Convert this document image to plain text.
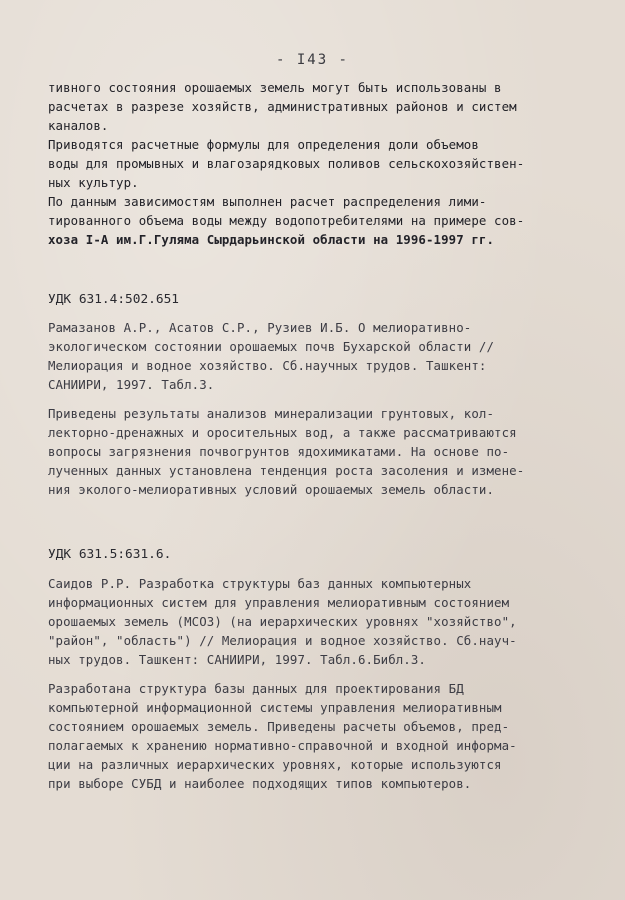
- I43 -
тивного состояния орошаемых земель могут быть использованы в
расчетах в разрезе хозяйств, административных районов и систем
каналов.
Приводятся расчетные формулы для определения доли объемов
воды для промывных и влагозарядковых поливов сельскохозяйствен-
ных культур.
По данным зависимостям выполнен расчет распределения лими-
тированного объема воды между водопотребителями на примере сов-
хоза I-А им.Г.Гуляма Сырдарьинской области на 1996-1997 гг.
УДК 631.4:502.651
Рамазанов А.Р., Асатов С.Р., Рузиев И.Б. О мелиоративно-
экологическом состоянии орошаемых почв Бухарской области //
Мелиорация и водное хозяйство. Сб.научных трудов. Ташкент:
САНИИРИ, 1997. Табл.3.
Приведены результаты анализов минерализации грунтовых, кол-
лекторно-дренажных и оросительных вод, а также рассматриваются
вопросы загрязнения почвогрунтов ядохимикатами. На основе по-
лученных данных установлена тенденция роста засоления и измене-
ния эколого-мелиоративных условий орошаемых земель области.
УДК 631.5:631.6.
Саидов Р.Р. Разработка структуры баз данных компьютерных
информационных систем для управления мелиоративным состоянием
орошаемых земель (МСОЗ) (на иерархических уровнях "хозяйство",
"район", "область") // Мелиорация и водное хозяйство. Сб.науч-
ных трудов. Ташкент: САНИИРИ, 1997. Табл.6.Библ.3.
Разработана структура базы данных для проектирования БД
компьютерной информационной системы управления мелиоративным
состоянием орошаемых земель. Приведены расчеты объемов, пред-
полагаемых к хранению нормативно-справочной и входной информа-
ции на различных иерархических уровнях, которые используются
при выборе СУБД и наиболее подходящих типов компьютеров.
